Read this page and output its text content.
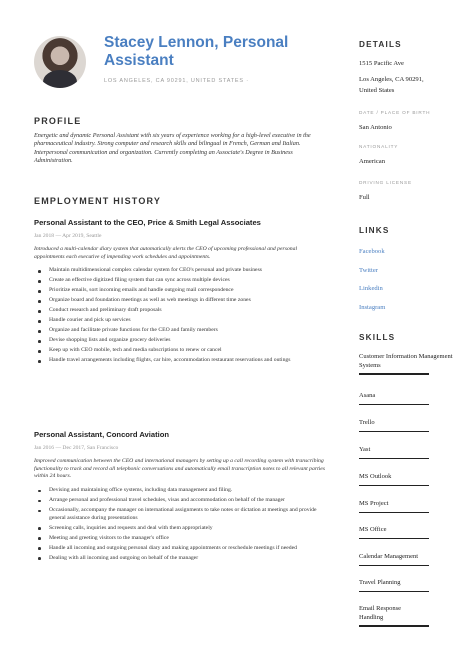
Stacey Lennon, Personal Assistant
LOS ANGELES, CA 90291, UNITED STATES ·
PROFILE
Energetic and dynamic Personal Assistant with six years of experience working for a high-level executive in the pharmaceutical industry. Strong computer and research skills and bilingual in French, German and Italian. Interpersonal communication and organization. Currently completing an Associate's Degree in Business Administration.
EMPLOYMENT HISTORY
Personal Assistant to the CEO, Price & Smith Legal Associates
Jan 2018 — Apr 2019, Seattle
Introduced a multi-calendar diary system that automatically alerts the CEO of upcoming professional and personal appointments each executive of impending work schedules and appointments.
Maintain multidimensional complex calendar system for CEO's personal and private business
Create an effective digitized filing system that can sync across multiple devices
Prioritize emails, sort incoming emails and handle outgoing mail correspondence
Organize board and foundation meetings as well as web meetings in different time zones
Conduct research and preliminary draft proposals
Handle courier and pick up services
Organize and facilitate private functions for the CEO and family members
Devise shopping lists and organize grocery deliveries
Keep up with CEO mobile, tech and media subscriptions to renew or cancel
Handle travel arrangements including flights, car hire, accommodation restaurant reservations and outings
Personal Assistant, Concord Aviation
Jan 2016 — Dec 2017, San Francisco
Improved communication between the CEO and international managers by setting up a call recording system with transcribing functionality to track and record all telephonic conversations and automatically email transcription notes to all relevant parties within 24 hours.
Devising and maintaining office systems, including data management and filing.
Arrange personal and professional travel schedules, visas and accommodation on behalf of the manager
Occasionally, accompany the manager on international assignments to take notes or dictation at meetings and provide general assistance during presentations
Screening calls, inquiries and requests and deal with them appropriately
Meeting and greeting visitors to the manager's office
Handle all incoming and outgoing personal diary and making appointments or reschedule meetings if needed
Dealing with all incoming and outgoing on behalf of the manager
DETAILS
1515 Pacific Ave
Los Angeles, CA 90291,
United States
DATE / PLACE OF BIRTH
San Antonio
NATIONALITY
American
DRIVING LICENSE
Full
LINKS
Facebook
Twitter
Linkedin
Instagram
SKILLS
Customer Information Management Systems
Asana
Trello
Yast
MS Outlook
MS Project
MS Office
Calendar Management
Travel Planning
Email Response Handling
